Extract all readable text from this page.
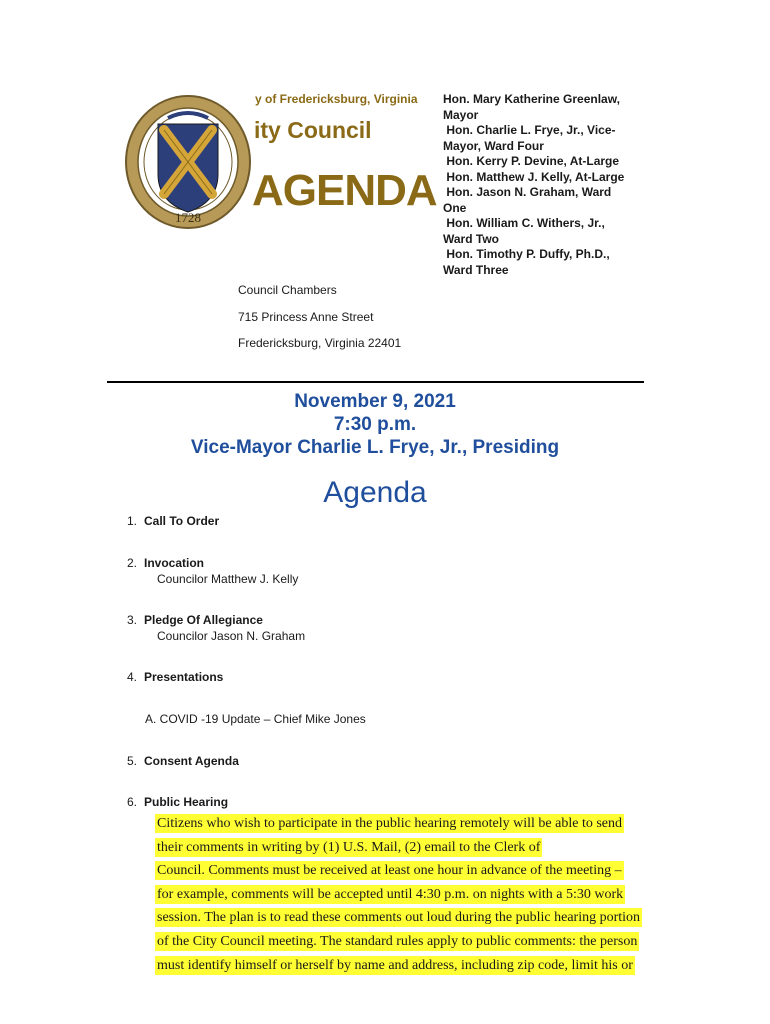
1728
y of Fredericksburg, Virginia
ity Council
AGENDA
Hon. Mary Katherine Greenlaw,
Mayor
Hon. Charlie L. Frye, Jr., Vice-
Mayor, Ward Four
Hon. Kerry P. Devine, At-Large
Hon. Matthew J. Kelly, At-Large
Hon. Jason N. Graham, Ward
One
Hon. William C. Withers, Jr.,
Ward Two
Hon. Timothy P. Duffy, Ph.D.,
Ward Three
Council Chambers
715 Princess Anne Street
Fredericksburg, Virginia 22401
November 9, 2021
7:30 p.m.
Vice-Mayor Charlie L. Frye, Jr., Presiding
Agenda
1. Call To Order
2. Invocation
Councilor Matthew J. Kelly
3. Pledge Of Allegiance
Councilor Jason N. Graham
4. Presentations
A. COVID -19 Update – Chief Mike Jones
5. Consent Agenda
6. Public Hearing
Citizens who wish to participate in the public hearing remotely will be able to send
their comments in writing by (1) U.S. Mail, (2) email to the Clerk of
Council. Comments must be received at least one hour in advance of the meeting –
for example, comments will be accepted until 4:30 p.m. on nights with a 5:30 work
session. The plan is to read these comments out loud during the public hearing portion
of the City Council meeting. The standard rules apply to public comments: the person
must identify himself or herself by name and address, including zip code, limit his or
